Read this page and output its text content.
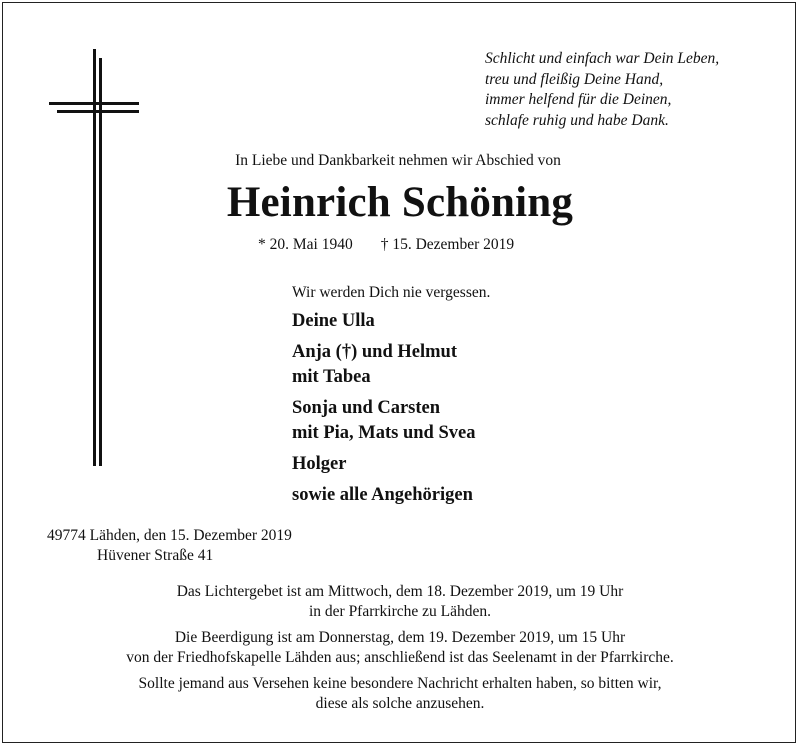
Schlicht und einfach war Dein Leben,
treu und fleißig Deine Hand,
immer helfend für die Deinen,
schlafe ruhig und habe Dank.
In Liebe und Dankbarkeit nehmen wir Abschied von
Heinrich Schöning
* 20. Mai 1940 † 15. Dezember 2019
Wir werden Dich nie vergessen.
Deine Ulla
Anja (†) und Helmut
mit Tabea
Sonja und Carsten
mit Pia, Mats und Svea
Holger
sowie alle Angehörigen
49774 Lähden, den 15. Dezember 2019
Hüvener Straße 41
Das Lichtergebet ist am Mittwoch, dem 18. Dezember 2019, um 19 Uhr
in der Pfarrkirche zu Lähden.
Die Beerdigung ist am Donnerstag, dem 19. Dezember 2019, um 15 Uhr
von der Friedhofskapelle Lähden aus; anschließend ist das Seelenamt in der Pfarrkirche.
Sollte jemand aus Versehen keine besondere Nachricht erhalten haben, so bitten wir,
diese als solche anzusehen.
